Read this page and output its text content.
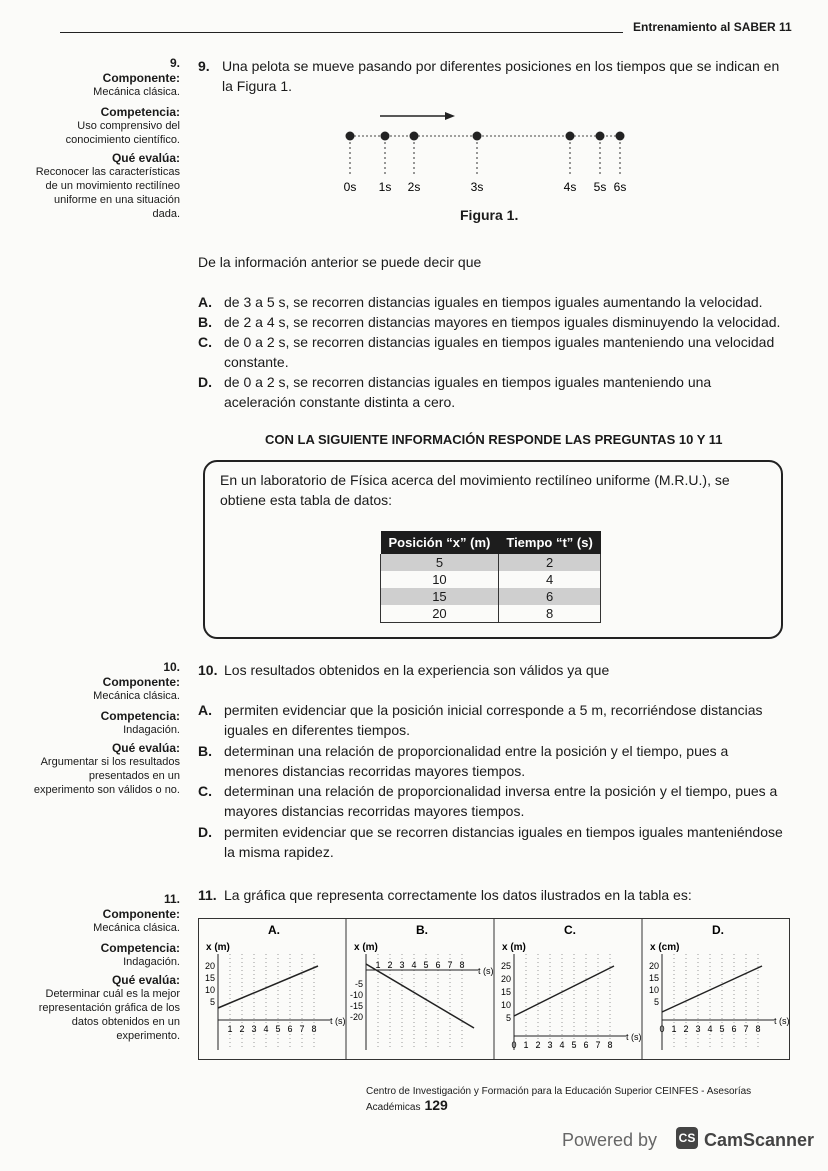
Entrenamiento al SABER 11
9.
Componente:
Mecánica clásica.
Competencia:
Uso comprensivo del conocimiento científico.
Qué evalúa:
Reconocer las características de un movimiento rectilíneo uniforme en una situación dada.
9. Una pelota se mueve pasando por diferentes posiciones en los tiempos que se indican en la Figura 1.
0s 1s 2s	3s	4s 5s 6s
Figura 1.
De la información anterior se puede decir que
A. de 3 a 5 s, se recorren distancias iguales en tiempos iguales aumentando la velocidad.
B. de 2 a 4 s, se recorren distancias mayores en tiempos iguales disminuyendo la velocidad.
C. de 0 a 2 s, se recorren distancias iguales en tiempos iguales manteniendo una velocidad constante.
D. de 0 a 2 s, se recorren distancias iguales en tiempos iguales manteniendo una aceleración constante distinta a cero.
CON LA SIGUIENTE INFORMACIÓN RESPONDE LAS PREGUNTAS 10 Y 11
En un laboratorio de Física acerca del movimiento rectilíneo uniforme (M.R.U.), se obtiene esta tabla de datos:
Posición “x” (m)	Tiempo “t” (s)
5	2
10	4
15	6
20	8
10.
Componente:
Mecánica clásica.
Competencia:
Indagación.
Qué evalúa:
Argumentar si los resultados presentados en un experimento son válidos o no.
10. Los resultados obtenidos en la experiencia son válidos ya que
A. permiten evidenciar que la posición inicial corresponde a 5 m, recorriéndose distancias iguales en diferentes tiempos.
B. determinan una relación de proporcionalidad entre la posición y el tiempo, pues a menores distancias recorridas mayores tiempos.
C. determinan una relación de proporcionalidad inversa entre la posición y el tiempo, pues a mayores distancias recorridas mayores tiempos.
D. permiten evidenciar que se recorren distancias iguales en tiempos iguales manteniéndose la misma rapidez.
11.
Componente:
Mecánica clásica.
Competencia:
Indagación.
Qué evalúa:
Determinar cuál es la mejor representación gráfica de los datos obtenidos en un experimento.
11. La gráfica que representa correctamente los datos ilustrados en la tabla es:
A.
x (m)
t (s)
20
15
10
5
1 2 3 4 5 6 7 8
B.
x (m)
t (s)
-5
-10
-15
-20
1 2 3 4 5 6 7 8
C.
x (m)
t (s)
25
20
15
10
5
0 1 2 3 4 5 6 7 8
D.
x (cm)
t (s)
20
15
10
5
0 1 2 3 4 5 6 7 8
Centro de Investigación y Formación para la Educación Superior CEINFES - Asesorías Académicas 129
Powered by CS CamScanner
